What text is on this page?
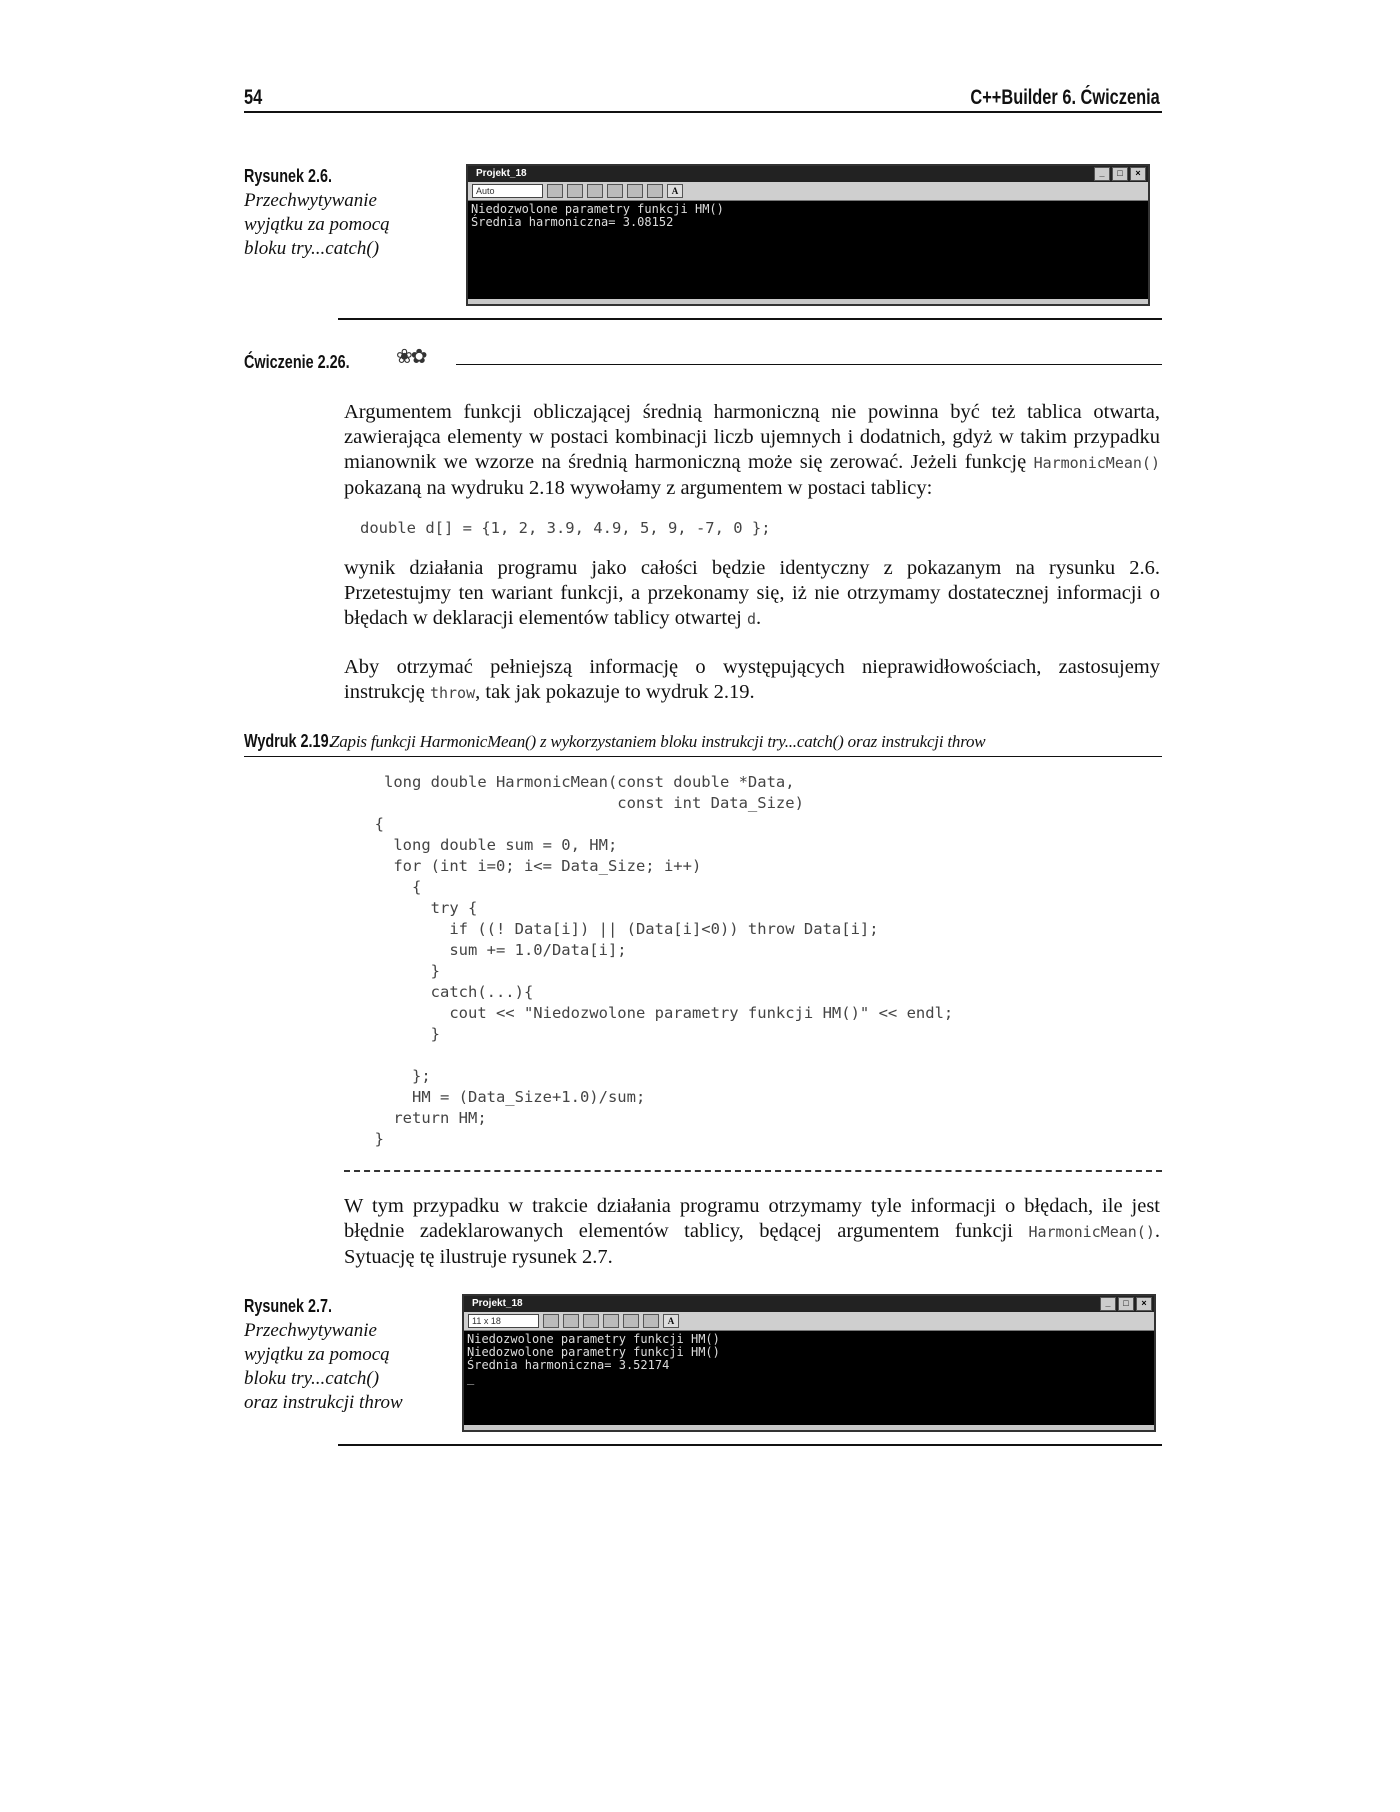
54	C++Builder 6. Ćwiczenia
Rysunek 2.6.
Przechwytywanie
wyjątku za pomocą
bloku try...catch()
Projekt_18	_	□	×
Auto	A
Niedozwolone parametry funkcji HM()
Średnia harmoniczna= 3.08152
Ćwiczenie 2.26. ❀✿
Argumentem funkcji obliczającej średnią harmoniczną nie powinna być też tablica otwarta, zawierająca elementy w postaci kombinacji liczb ujemnych i dodatnich, gdyż w takim przypadku mianownik we wzorze na średnią harmoniczną może się zerować. Jeżeli funkcję HarmonicMean() pokazaną na wydruku 2.18 wywołamy z argumentem w postaci tablicy:
double d[] = {1, 2, 3.9, 4.9, 5, 9, -7, 0 };
wynik działania programu jako całości będzie identyczny z pokazanym na rysunku 2.6. Przetestujmy ten wariant funkcji, a przekonamy się, iż nie otrzymamy dostatecznej informacji o błędach w deklaracji elementów tablicy otwartej d.
Aby otrzymać pełniejszą informację o występujących nieprawidłowościach, zastosujemy instrukcję throw, tak jak pokazuje to wydruk 2.19.
Wydruk 2.19.Zapis funkcji HarmonicMean() z wykorzystaniem bloku instrukcji try...catch() oraz instrukcji throw
long double HarmonicMean(const double *Data,
const int Data_Size)
{
long double sum = 0, HM;
for (int i=0; i<= Data_Size; i++)
{
try {
if ((! Data[i]) || (Data[i]<0)) throw Data[i];
sum += 1.0/Data[i];
}
catch(...){
cout << "Niedozwolone parametry funkcji HM()" << endl;
}

};
HM = (Data_Size+1.0)/sum;
return HM;
}
W tym przypadku w trakcie działania programu otrzymamy tyle informacji o błędach, ile jest błędnie zadeklarowanych elementów tablicy, będącej argumentem funkcji HarmonicMean(). Sytuację tę ilustruje rysunek 2.7.
Rysunek 2.7.
Przechwytywanie
wyjątku za pomocą
bloku try...catch()
oraz instrukcji throw
Projekt_18	_	□	×
11 x 18	A
Niedozwolone parametry funkcji HM()
Niedozwolone parametry funkcji HM()
Średnia harmoniczna= 3.52174
_
